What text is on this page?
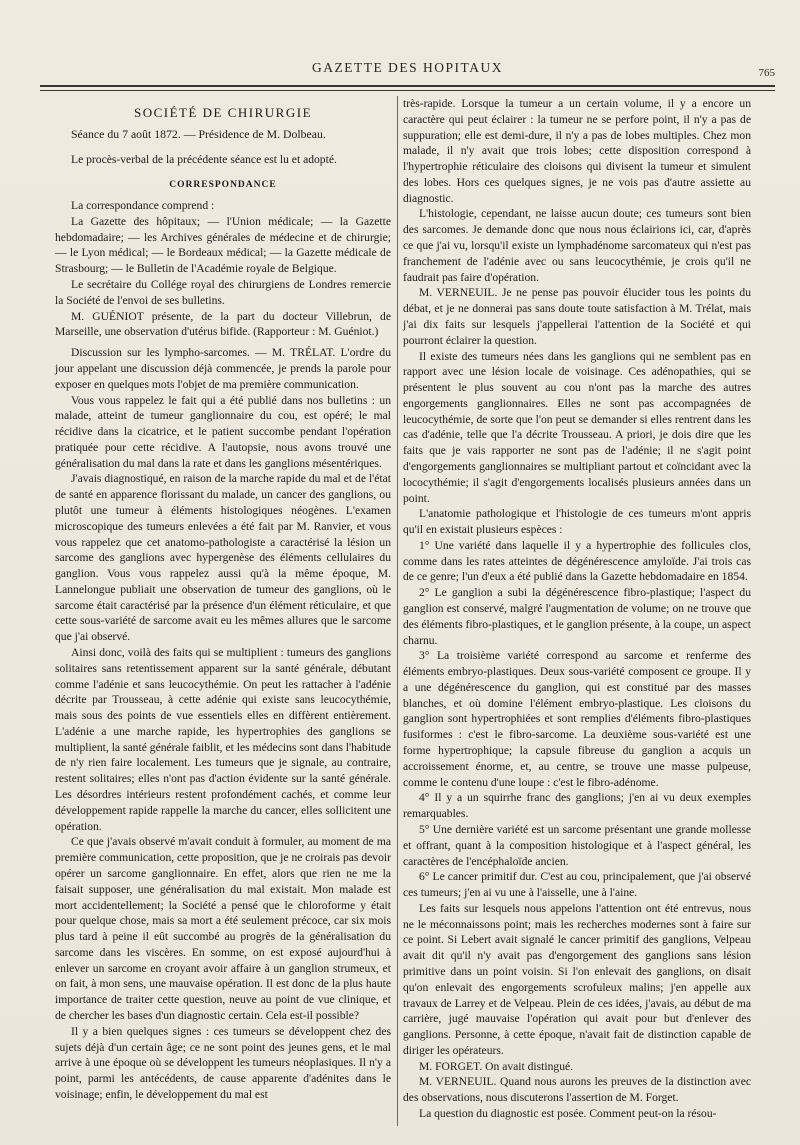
GAZETTE DES HOPITAUX	765
SOCIÉTÉ DE CHIRURGIE
Séance du 7 août 1872. — Présidence de M. Dolbeau.

Le procès-verbal de la précédente séance est lu et adopté.

CORRESPONDANCE

La correspondance comprend :

La Gazette des hôpitaux; — l'Union médicale; — la Gazette hebdomadaire; — les Archives générales de médecine et de chirurgie; — le Lyon médical; — le Bordeaux médical; — la Gazette médicale de Strasbourg; — le Bulletin de l'Académie royale de Belgique.

Le secrétaire du Collége royal des chirurgiens de Londres remercie la Société de l'envoi de ses bulletins.

M. GUÉNIOT présente, de la part du docteur Villebrun, de Marseille, une observation d'utérus bifide. (Rapporteur : M. Guéniot.)

Discussion sur les lympho-sarcomes. — M. TRÉLAT. L'ordre du jour appelant une discussion déjà commencée, je prends la parole pour exposer en quelques mots l'objet de ma première communication.

Vous vous rappelez le fait qui a été publié dans nos bulletins : un malade, atteint de tumeur ganglionnaire du cou, est opéré; le mal récidive dans la cicatrice, et le patient succombe pendant l'opération pratiquée pour cette récidive. A l'autopsie, nous avons trouvé une généralisation du mal dans la rate et dans les ganglions mésentériques.

J'avais diagnostiqué, en raison de la marche rapide du mal et de l'état de santé en apparence florissant du malade, un cancer des ganglions, ou plutôt une tumeur à éléments histologiques néogènes. L'examen microscopique des tumeurs enlevées a été fait par M. Ranvier, et vous vous rappelez que cet anatomo-pathologiste a caractérisé la lésion un sarcome des ganglions avec hypergenèse des éléments cellulaires du ganglion. Vous vous rappelez aussi qu'à la même époque, M. Lannelongue publiait une observation de tumeur des ganglions, où le sarcome était caractérisé par la présence d'un élément réticulaire, et que cette sous-variété de sarcome avait eu les mêmes allures que le sarcome que j'ai observé.

Ainsi donc, voilà des faits qui se multiplient : tumeurs des ganglions solitaires sans retentissement apparent sur la santé générale, débutant comme l'adénie et sans leucocythémie. On peut les rattacher à l'adénie décrite par Trousseau, à cette adénie qui existe sans leucocythémie, mais sous des points de vue essentiels elles en diffèrent entièrement. L'adénie a une marche rapide, les hypertrophies des ganglions se multiplient, la santé générale faiblit, et les médecins sont dans l'habitude de n'y rien faire localement. Les tumeurs que je signale, au contraire, restent solitaires; elles n'ont pas d'action évidente sur la santé générale. Les désordres intérieurs restent profondément cachés, et comme leur développement rapide rappelle la marche du cancer, elles sollicitent une opération.

Ce que j'avais observé m'avait conduit à formuler, au moment de ma première communication, cette proposition, que je ne croirais pas devoir opérer un sarcome ganglionnaire. En effet, alors que rien ne me la faisait supposer, une généralisation du mal existait. Mon malade est mort accidentellement; la Société a pensé que le chloroforme y était pour quelque chose, mais sa mort a été seulement précoce, car six mois plus tard à peine il eût succombé au progrès de la généralisation du sarcome dans les viscères. En somme, on est exposé aujourd'hui à enlever un sarcome en croyant avoir affaire à un ganglion strumeux, et on fait, à mon sens, une mauvaise opération. Il est donc de la plus haute importance de traiter cette question, neuve au point de vue clinique, et de chercher les bases d'un diagnostic certain. Cela est-il possible?

Il y a bien quelques signes : ces tumeurs se développent chez des sujets déjà d'un certain âge; ce ne sont point des jeunes gens, et le mal arrive à une époque où se développent les tumeurs néoplasiques. Il n'y a point, parmi les antécédents, de cause apparente d'adénites dans le voisinage; enfin, le développement du mal est

très-rapide. Lorsque la tumeur a un certain volume, il y a encore un caractère qui peut éclairer : la tumeur ne se perfore point, il n'y a pas de suppuration; elle est demi-dure, il n'y a pas de lobes multiples. Chez mon malade, il n'y avait que trois lobes; cette disposition correspond à l'hypertrophie réticulaire des cloisons qui divisent la tumeur et simulent des lobes. Hors ces quelques signes, je ne vois pas d'autre assiette au diagnostic.

L'histologie, cependant, ne laisse aucun doute; ces tumeurs sont bien des sarcomes. Je demande donc que nous nous éclairions ici, car, d'après ce que j'ai vu, lorsqu'il existe un lymphadénome sarcomateux qui n'est pas franchement de l'adénie avec ou sans leucocythémie, je crois qu'il ne faudrait pas faire d'opération.

M. VERNEUIL. Je ne pense pas pouvoir élucider tous les points du débat, et je ne donnerai pas sans doute toute satisfaction à M. Trélat, mais j'ai dix faits sur lesquels j'appellerai l'attention de la Société et qui pourront éclairer la question.

Il existe des tumeurs nées dans les ganglions qui ne semblent pas en rapport avec une lésion locale de voisinage. Ces adénopathies, qui se présentent le plus souvent au cou n'ont pas la marche des autres engorgements ganglionnaires. Elles ne sont pas accompagnées de leucocythémie, de sorte que l'on peut se demander si elles rentrent dans les cas d'adénie, telle que l'a décrite Trousseau. A priori, je dois dire que les faits que je vais rapporter ne sont pas de l'adénie; il ne s'agit point d'engorgements ganglionnaires se multipliant partout et coïncidant avec la lococythémie; il s'agit d'engorgements localisés plusieurs années dans un point.

L'anatomie pathologique et l'histologie de ces tumeurs m'ont appris qu'il en existait plusieurs espèces :

1° Une variété dans laquelle il y a hypertrophie des follicules clos, comme dans les rates atteintes de dégénérescence amyloïde. J'ai trois cas de ce genre; l'un d'eux a été publié dans la Gazette hebdomadaire en 1854.

2° Le ganglion a subi la dégénérescence fibro-plastique; l'aspect du ganglion est conservé, malgré l'augmentation de volume; on ne trouve que des éléments fibro-plastiques, et le ganglion présente, à la coupe, un aspect charnu.

3° La troisième variété correspond au sarcome et renferme des éléments embryo-plastiques. Deux sous-variété composent ce groupe. Il y a une dégénérescence du ganglion, qui est constitué par des masses blanches, et où domine l'élément embryo-plastique. Les cloisons du ganglion sont hypertrophiées et sont remplies d'éléments fibro-plastiques fusiformes : c'est le fibro-sarcome. La deuxième sous-variété est une forme hypertrophique; la capsule fibreuse du ganglion a acquis un accroissement énorme, et, au centre, se trouve une masse pulpeuse, comme le contenu d'une loupe : c'est le fibro-adénome.

4° Il y a un squirrhe franc des ganglions; j'en ai vu deux exemples remarquables.

5° Une dernière variété est un sarcome présentant une grande mollesse et offrant, quant à la composition histologique et à l'aspect général, les caractères de l'encéphaloïde ancien.

6° Le cancer primitif dur. C'est au cou, principalement, que j'ai observé ces tumeurs; j'en ai vu une à l'aisselle, une à l'aine.

Les faits sur lesquels nous appelons l'attention ont été entrevus, nous ne le méconnaissons point; mais les recherches modernes sont à faire sur ce point. Si Lebert avait signalé le cancer primitif des ganglions, Velpeau avait dit qu'il n'y avait pas d'engorgement des ganglions sans lésion primitive dans un point voisin. Si l'on enlevait des ganglions, on disait qu'on enlevait des engorgements scrofuleux malins; j'en appelle aux travaux de Larrey et de Velpeau. Plein de ces idées, j'avais, au début de ma carrière, jugé mauvaise l'opération qui avait pour but d'enlever des ganglions. Personne, à cette époque, n'avait fait de distinction capable de diriger les opérateurs.

M. FORGET. On avait distingué.

M. VERNEUIL. Quand nous aurons les preuves de la distinction avec des observations, nous discuterons l'assertion de M. Forget.

La question du diagnostic est posée. Comment peut-on la résou-
